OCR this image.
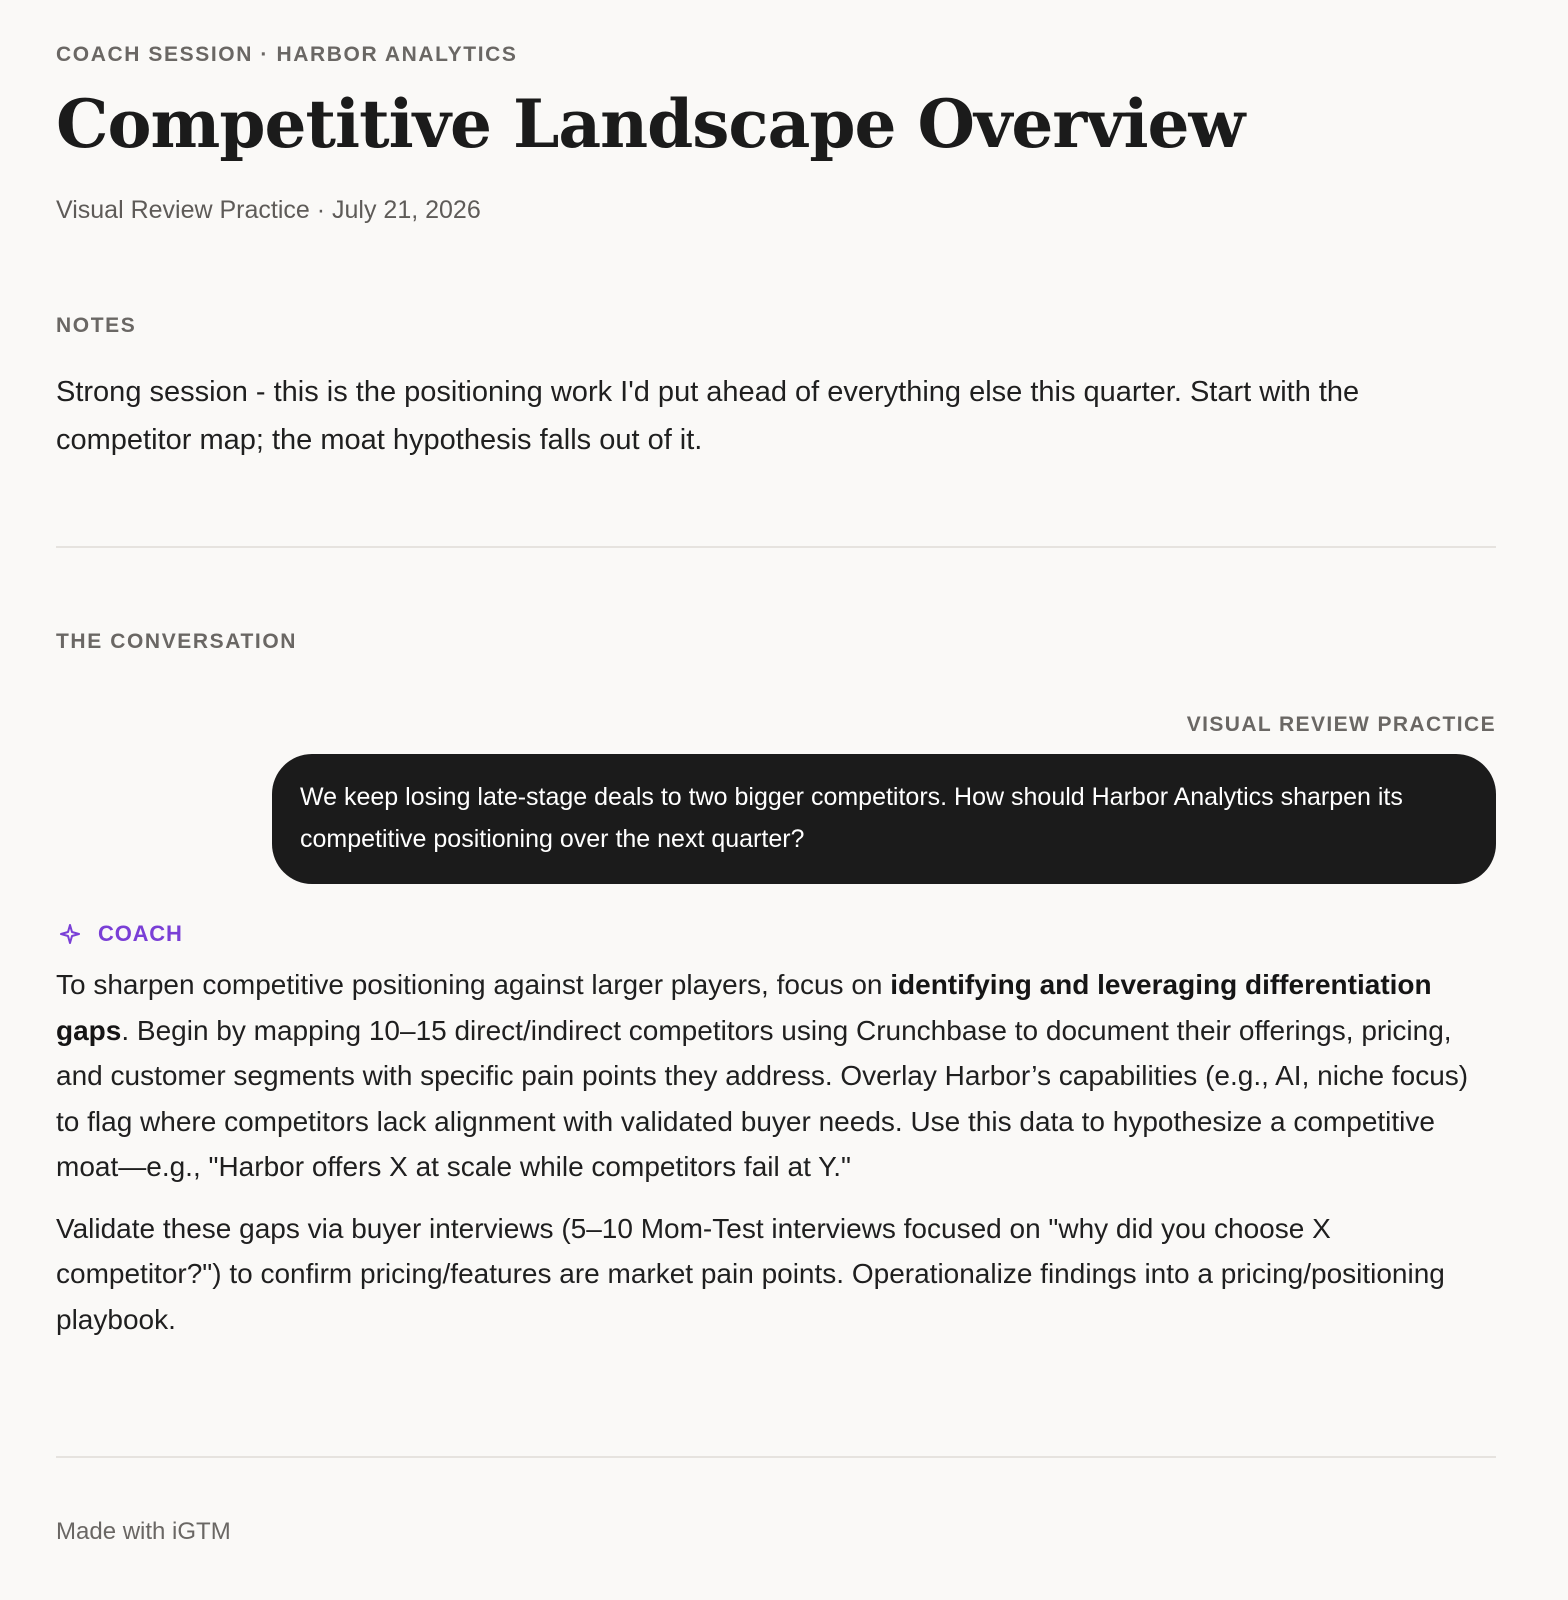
COACH SESSION · HARBOR ANALYTICS
Competitive Landscape Overview
Visual Review Practice · July 21, 2026
NOTES

Strong session - this is the positioning work I'd put ahead of everything else this quarter. Start with the competitor map; the moat hypothesis falls out of it.

THE CONVERSATION
VISUAL REVIEW PRACTICE
We keep losing late-stage deals to two bigger competitors. How should Harbor Analytics sharpen its competitive positioning over the next quarter?
COACH

To sharpen competitive positioning against larger players, focus on identifying and leveraging differentiation gaps. Begin by mapping 10–15 direct/indirect competitors using Crunchbase to document their offerings, pricing, and customer segments with specific pain points they address. Overlay Harbor’s capabilities (e.g., AI, niche focus) to flag where competitors lack alignment with validated buyer needs. Use this data to hypothesize a competitive moat—e.g., "Harbor offers X at scale while competitors fail at Y."

Validate these gaps via buyer interviews (5–10 Mom-Test interviews focused on "why did you choose X competitor?") to confirm pricing/features are market pain points. Operationalize findings into a pricing/positioning playbook.

Made with iGTM
